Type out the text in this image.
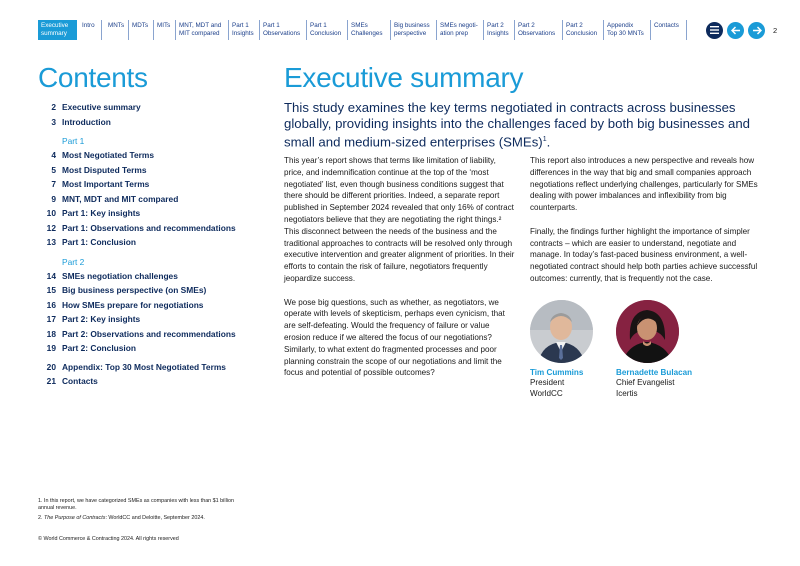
Executive
summary
Intro	MNTs MDTs	MITs MNT, MDT and
MIT compared
Part 1
Insights
Part 1
Observations
Part 1
Conclusion
SMEs
Challenges
Big business
perspective
SMEs negoti-
ation prep
Part 2
Insights
Part 2
Observations
Part 2
Conclusion
Appendix
Top 30 MNTs
Contacts	2
Contents
2 Executive summary
3 Introduction
Part 1
4 Most Negotiated Terms
5 Most Disputed Terms
7 Most Important Terms
9 MNT, MDT and MIT compared
10 Part 1: Key insights
12 Part 1: Observations and recommendations
13 Part 1: Conclusion
Part 2
14 SMEs negotiation challenges
15 Big business perspective (on SMEs)
16 How SMEs prepare for negotiations
17 Part 2: Key insights
18 Part 2: Observations and recommendations
19 Part 2: Conclusion
20 Appendix: Top 30 Most Negotiated Terms
21 Contacts
Executive summary
This study examines the key terms negotiated in contracts across businesses globally, providing insights into the challenges faced by both big businesses and small and medium-sized enterprises (SMEs)$^1$.

This year’s report shows that terms like limitation of liability, price, and indemnification continue at the top of the ‘most negotiated’ list, even though business conditions suggest that there should be different priorities. Indeed, a separate report published in September 2024 revealed that only 16% of contract negotiators believe that they are negotiating the right things.² This disconnect between the needs of the business and the traditional approaches to contracts will be resolved only through executive intervention and greater alignment of priorities. In their efforts to contain the risk of failure, negotiators frequently jeopardize success.

We pose big questions, such as whether, as negotiators, we operate with levels of skepticism, perhaps even cynicism, that are self-defeating. Would the frequency of failure or value erosion reduce if we altered the focus of our negotiations? Similarly, to what extent do fragmented processes and poor planning constrain the scope of our negotiations and limit the focus and potential of possible outcomes?

This report also introduces a new perspective and reveals how differences in the way that big and small companies approach negotiations reflect underlying challenges, particularly for SMEs dealing with power imbalances and inflexibility from big counterparts.

Finally, the findings further highlight the importance of simpler contracts – which are easier to understand, negotiate and manage. In today’s fast-paced business environment, a well-negotiated contract should help both parties achieve successful outcomes: currently, that is frequently not the case.

Tim Cummins
President
WorldCC
Bernadette Bulacan
Chief Evangelist
Icertis

1. In this report, we have categorized SMEs as companies with less than $1 billion annual revenue.

2. The Purpose of Contracts: WorldCC and Deloitte, September 2024.

© World Commerce & Contracting 2024. All rights reserved
